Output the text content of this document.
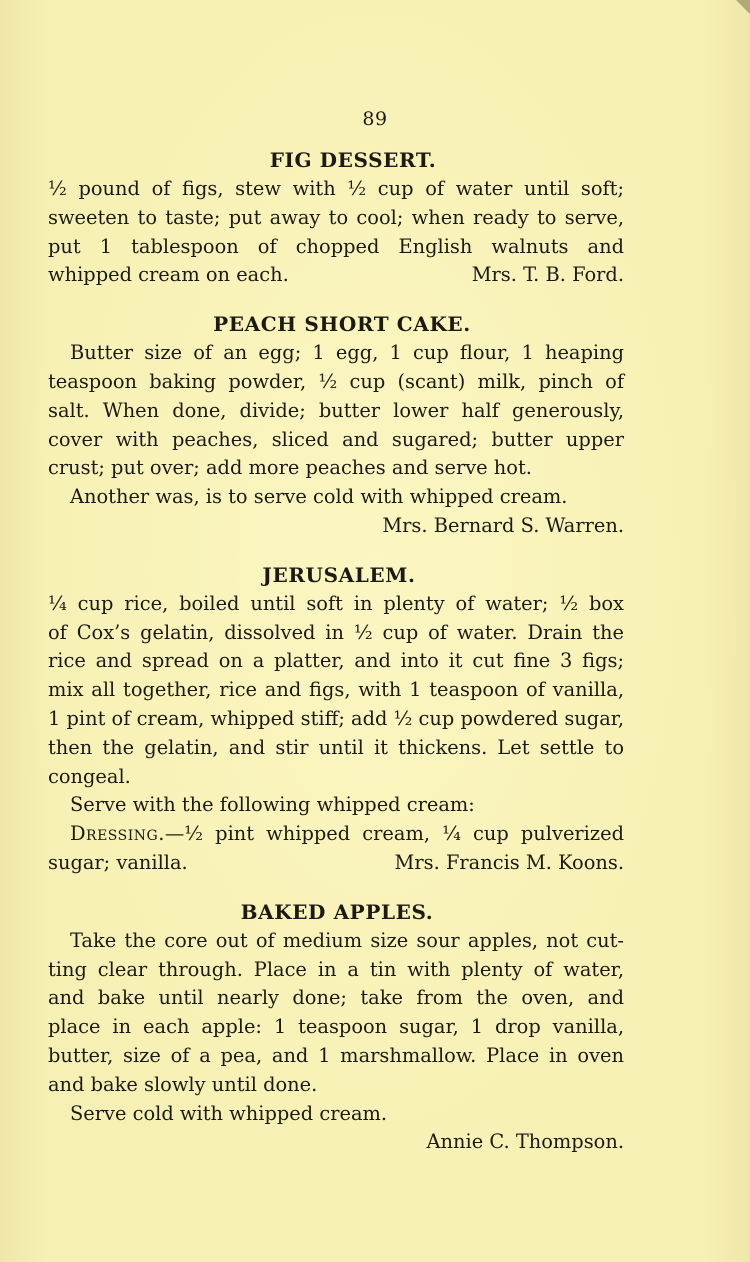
89
FIG DESSERT.

½ pound of figs, stew with ½ cup of water until soft;

sweeten to taste; put away to cool; when ready to serve,

put 1 tablespoon of chopped English walnuts and

whipped cream on each.	Mrs. T. B. Ford.
PEACH SHORT CAKE.

Butter size of an egg; 1 egg, 1 cup flour, 1 heaping

teaspoon baking powder, ½ cup (scant) milk, pinch of

salt. When done, divide; butter lower half generously,

cover with peaches, sliced and sugared; butter upper

crust; put over; add more peaches and serve hot.

Another was, is to serve cold with whipped cream.

Mrs. Bernard S. Warren.

JERUSALEM.

¼ cup rice, boiled until soft in plenty of water; ½ box

of Cox’s gelatin, dissolved in ½ cup of water. Drain the

rice and spread on a platter, and into it cut fine 3 figs;

mix all together, rice and figs, with 1 teaspoon of vanilla,

1 pint of cream, whipped stiff; add ½ cup powdered sugar,

then the gelatin, and stir until it thickens. Let settle to

congeal.

Serve with the following whipped cream:

Dressing.—½ pint whipped cream, ¼ cup pulverized

sugar; vanilla.	Mrs. Francis M. Koons.
BAKED APPLES.

Take the core out of medium size sour apples, not cut-

ting clear through. Place in a tin with plenty of water,

and bake until nearly done; take from the oven, and

place in each apple: 1 teaspoon sugar, 1 drop vanilla,

butter, size of a pea, and 1 marshmallow. Place in oven

and bake slowly until done.

Serve cold with whipped cream.

Annie C. Thompson.
